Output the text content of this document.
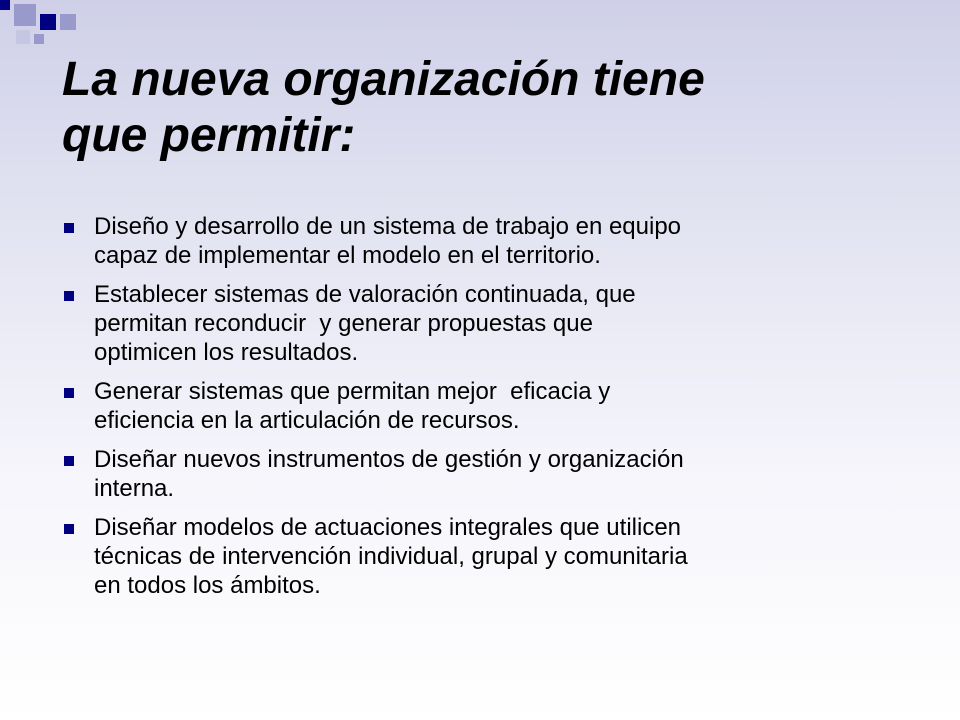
La nueva organización tiene
que permitir:
Diseño y desarrollo de un sistema de trabajo en equipo
capaz de implementar el modelo en el territorio.
Establecer sistemas de valoración continuada, que
permitan reconducir  y generar propuestas que
optimicen los resultados.
Generar sistemas que permitan mejor  eficacia y
eficiencia en la articulación de recursos.
Diseñar nuevos instrumentos de gestión y organización
interna.
Diseñar modelos de actuaciones integrales que utilicen
técnicas de intervención individual, grupal y comunitaria
en todos los ámbitos.
